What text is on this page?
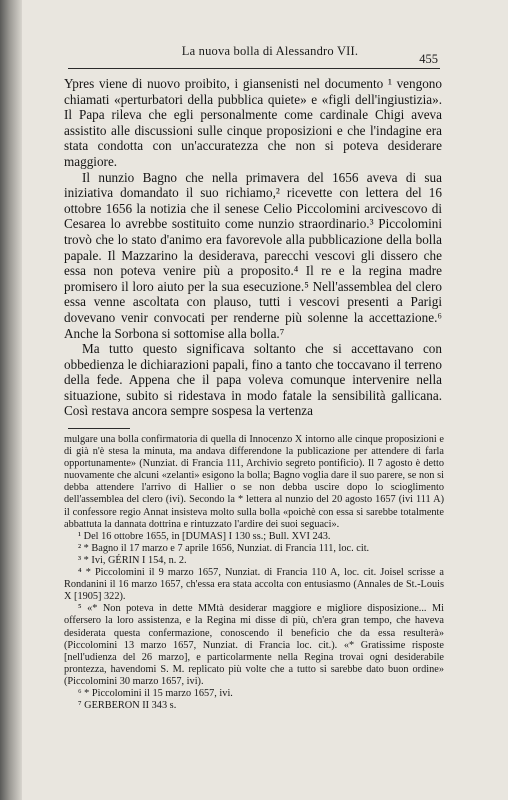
La nuova bolla di Alessandro VII.
455

Ypres viene di nuovo proibito, i giansenisti nel documento ¹ vengono chiamati «perturbatori della pubblica quiete» e «figli dell'ingiustizia». Il Papa rileva che egli personalmente come cardinale Chigi aveva assistito alle discussioni sulle cinque proposizioni e che l'indagine era stata condotta con un'accuratezza che non si poteva desiderare maggiore.

Il nunzio Bagno che nella primavera del 1656 aveva di sua iniziativa domandato il suo richiamo,² ricevette con lettera del 16 ottobre 1656 la notizia che il senese Celio Piccolomini arcivescovo di Cesarea lo avrebbe sostituito come nunzio straordinario.³ Piccolomini trovò che lo stato d'animo era favorevole alla pubblicazione della bolla papale. Il Mazzarino la desiderava, parecchi vescovi gli dissero che essa non poteva venire più a proposito.⁴ Il re e la regina madre promisero il loro aiuto per la sua esecuzione.⁵ Nell'assemblea del clero essa venne ascoltata con plauso, tutti i vescovi presenti a Parigi dovevano venir convocati per renderne più solenne la accettazione.⁶ Anche la Sorbona si sottomise alla bolla.⁷

Ma tutto questo significava soltanto che si accettavano con obbedienza le dichiarazioni papali, fino a tanto che toccavano il terreno della fede. Appena che il papa voleva comunque intervenire nella situazione, subito si ridestava in modo fatale la sensibilità gallicana. Così restava ancora sempre sospesa la vertenza

mulgare una bolla confirmatoria di quella di Innocenzo X intorno alle cinque proposizioni e di già n'è stesa la minuta, ma andava differendone la publicazione per attendere di farla opportunamente» (Nunziat. di Francia 111, Archivio segreto pontificio). Il 7 agosto è detto nuovamente che alcuni «zelanti» esigono la bolla; Bagno voglia dare il suo parere, se non si debba attendere l'arrivo di Hallier o se non debba uscire dopo lo scioglimento dell'assemblea del clero (ivi). Secondo la * lettera al nunzio del 20 agosto 1657 (ivi 111 A) il confessore regio Annat insisteva molto sulla bolla «poichè con essa si sarebbe totalmente abbattuta la dannata dottrina e rintuzzato l'ardire dei suoi seguaci».

¹ Del 16 ottobre 1655, in [DUMAS] I 130 ss.; Bull. XVI 243.

² * Bagno il 17 marzo e 7 aprile 1656, Nunziat. di Francia 111, loc. cit.

³ * Ivi, GÉRIN I 154, n. 2.

⁴ * Piccolomini il 9 marzo 1657, Nunziat. di Francia 110 A, loc. cit. Joisel scrisse a Rondanini il 16 marzo 1657, ch'essa era stata accolta con entusiasmo (Annales de St.-Louis X [1905] 322).

⁵ «* Non poteva in dette MMtà desiderar maggiore e migliore disposizione... Mi offersero la loro assistenza, e la Regina mi disse di più, ch'era gran tempo, che haveva desiderata questa confermazione, conoscendo il beneficio che da essa resulterà» (Piccolomini 13 marzo 1657, Nunziat. di Francia loc. cit.). «* Gratissime risposte [nell'udienza del 26 marzo], e particolarmente nella Regina trovai ogni desiderabile prontezza, havendomi S. M. replicato più volte che a tutto si sarebbe dato buon ordine» (Piccolomini 30 marzo 1657, ivi).

⁶ * Piccolomini il 15 marzo 1657, ivi.

⁷ GERBERON II 343 s.
